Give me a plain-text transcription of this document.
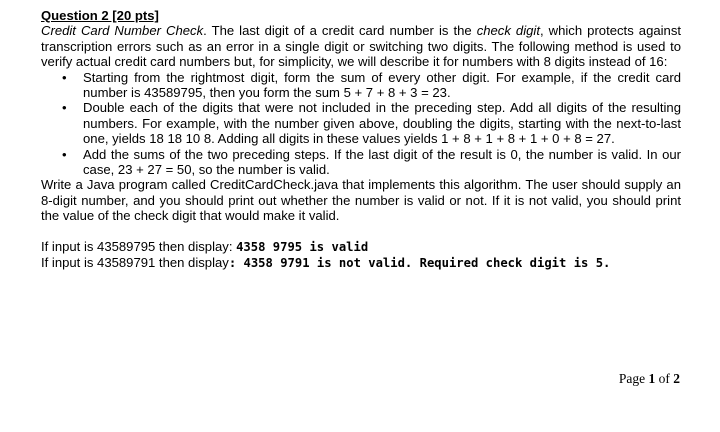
Question 2 [20 pts]

Credit Card Number Check. The last digit of a credit card number is the check digit, which protects against transcription errors such as an error in a single digit or switching two digits. The following method is used to verify actual credit card numbers but, for simplicity, we will describe it for numbers with 8 digits instead of 16:

• Starting from the rightmost digit, form the sum of every other digit. For example, if the credit card number is 43589795, then you form the sum 5 + 7 + 8 + 3 = 23.
• Double each of the digits that were not included in the preceding step. Add all digits of the resulting numbers. For example, with the number given above, doubling the digits, starting with the next-to-last one, yields 18 18 10 8. Adding all digits in these values yields 1 + 8 + 1 + 8 + 1 + 0 + 8 = 27.
• Add the sums of the two preceding steps. If the last digit of the result is 0, the number is valid. In our case, 23 + 27 = 50, so the number is valid.

Write a Java program called CreditCardCheck.java that implements this algorithm. The user should supply an 8-digit number, and you should print out whether the number is valid or not. If it is not valid, you should print the value of the check digit that would make it valid.

If input is 43589795 then display: 4358 9795 is valid
If input is 43589791 then display: 4358 9791 is not valid. Required check digit is 5.
Page 1 of 2
